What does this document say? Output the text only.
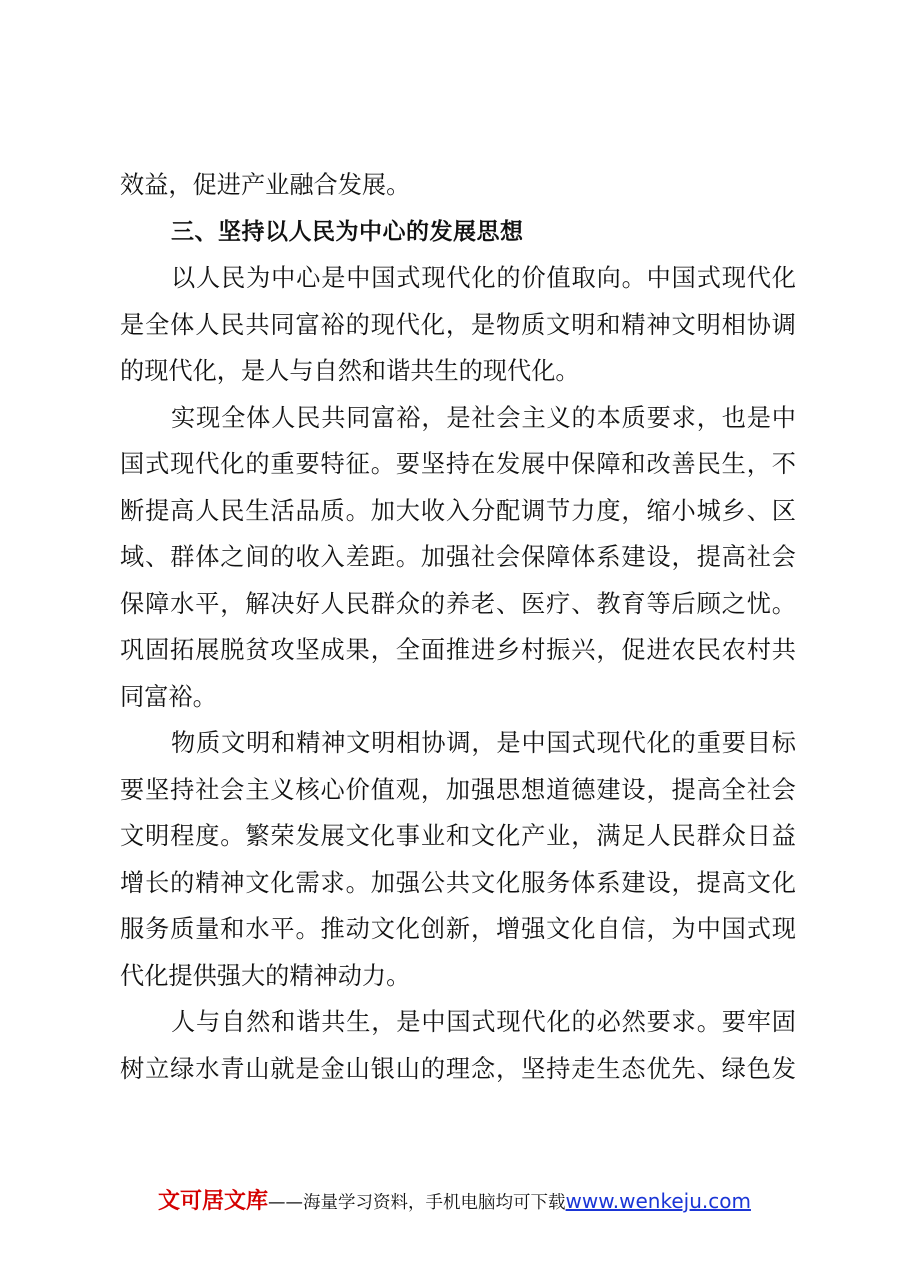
效益，促进产业融合发展。
三、坚持以人民为中心的发展思想
以人民为中心是中国式现代化的价值取向。中国式现代化
是全体人民共同富裕的现代化，是物质文明和精神文明相协调
的现代化，是人与自然和谐共生的现代化。
实现全体人民共同富裕，是社会主义的本质要求，也是中
国式现代化的重要特征。要坚持在发展中保障和改善民生，不
断提高人民生活品质。加大收入分配调节力度，缩小城乡、区
域、群体之间的收入差距。加强社会保障体系建设，提高社会
保障水平，解决好人民群众的养老、医疗、教育等后顾之忧。
巩固拓展脱贫攻坚成果，全面推进乡村振兴，促进农民农村共
同富裕。
物质文明和精神文明相协调，是中国式现代化的重要目标
要坚持社会主义核心价值观，加强思想道德建设，提高全社会
文明程度。繁荣发展文化事业和文化产业，满足人民群众日益
增长的精神文化需求。加强公共文化服务体系建设，提高文化
服务质量和水平。推动文化创新，增强文化自信，为中国式现
代化提供强大的精神动力。
人与自然和谐共生，是中国式现代化的必然要求。要牢固
树立绿水青山就是金山银山的理念，坚持走生态优先、绿色发
文可居文库——海量学习资料，手机电脑均可下载www.wenkeju.com
